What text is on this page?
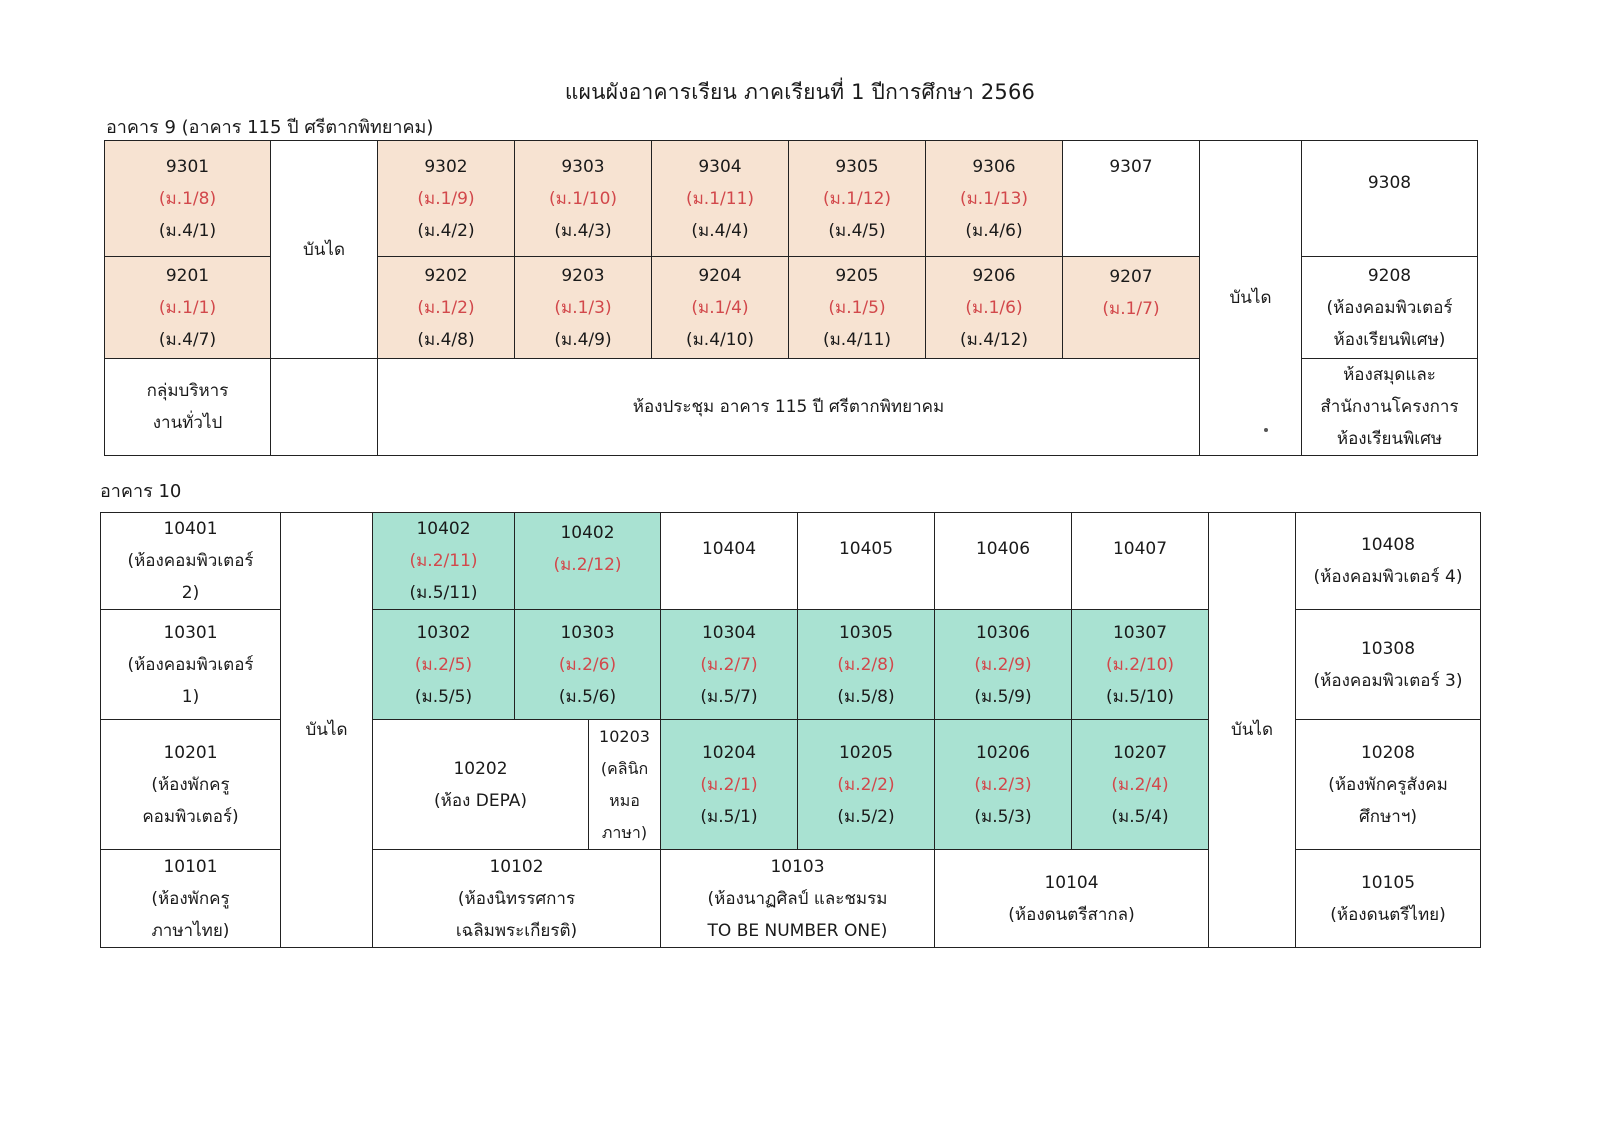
แผนผังอาคารเรียน ภาคเรียนที่ 1 ปีการศึกษา 2566
อาคาร 9 (อาคาร 115 ปี ศรีตากพิทยาคม)
9301
(ม.1/8)
(ม.4/1)	บันได	9302
(ม.1/9)
(ม.4/2)	9303
(ม.1/10)
(ม.4/3)	9304
(ม.1/11)
(ม.4/4)	9305
(ม.1/12)
(ม.4/5)	9306
(ม.1/13)
(ม.4/6)	9307	บันได	9308

9201
(ม.1/1)
(ม.4/7)		9202
(ม.1/2)
(ม.4/8)	9203
(ม.1/3)
(ม.4/9)	9204
(ม.1/4)
(ม.4/10)	9205
(ม.1/5)
(ม.4/11)	9206
(ม.1/6)
(ม.4/12)	9207
(ม.1/7)		9208
(ห้องคอมพิวเตอร์
ห้องเรียนพิเศษ)

กลุ่มบริหาร
งานทั่วไป		ห้องประชุม อาคาร 115 ปี ศรีตากพิทยาคม							ห้องสมุดและ
สำนักงานโครงการ
ห้องเรียนพิเศษ
อาคาร 10
10401
(ห้องคอมพิวเตอร์
2)	บันได	10402
(ม.2/11)
(ม.5/11)	10402
(ม.2/12)		10404	10405	10406	10407	บันได	10408
(ห้องคอมพิวเตอร์ 4)

10301
(ห้องคอมพิวเตอร์
1)		10302
(ม.2/5)
(ม.5/5)	10303
(ม.2/6)
(ม.5/6)		10304
(ม.2/7)
(ม.5/7)	10305
(ม.2/8)
(ม.5/8)	10306
(ม.2/9)
(ม.5/9)	10307
(ม.2/10)
(ม.5/10)		10308
(ห้องคอมพิวเตอร์ 3)

10201
(ห้องพักครู
คอมพิวเตอร์)		10202
(ห้อง DEPA)		10203
(คลินิก
หมอ
ภาษา)	10204
(ม.2/1)
(ม.5/1)	10205
(ม.2/2)
(ม.5/2)	10206
(ม.2/3)
(ม.5/3)	10207
(ม.2/4)
(ม.5/4)		10208
(ห้องพักครูสังคม
ศึกษาฯ)

10101
(ห้องพักครู
ภาษาไทย)		10102
(ห้องนิทรรศการ
เฉลิมพระเกียรติ)			10103
(ห้องนาฏศิลป์ และชมรม
TO BE NUMBER ONE)		10104
(ห้องดนตรีสากล)			10105
(ห้องดนตรีไทย)
